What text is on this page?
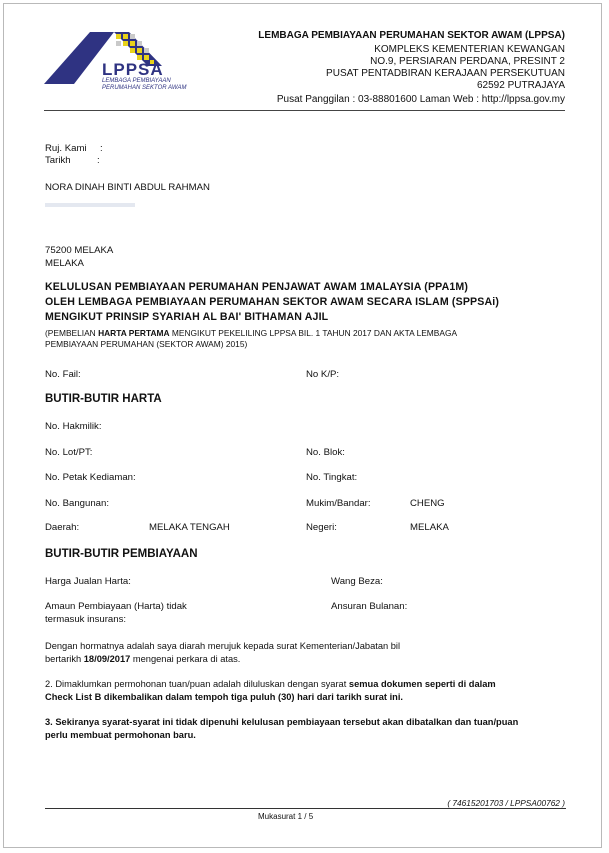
LPPSA
LEMBAGA PEMBIAYAAN
PERUMAHAN SEKTOR AWAM
LEMBAGA PEMBIAYAAN PERUMAHAN SEKTOR AWAM (LPPSA)
KOMPLEKS KEMENTERIAN KEWANGAN
NO.9, PERSIARAN PERDANA, PRESINT 2
PUSAT PENTADBIRAN KERAJAAN PERSEKUTUAN
62592 PUTRAJAYA
Pusat Panggilan : 03-88801600 Laman Web : http://lppsa.gov.my
Ruj. Kami :
Tarikh	:
NORA DINAH BINTI ABDUL RAHMAN
75200 MELAKA
MELAKA
KELULUSAN PEMBIAYAAN PERUMAHAN PENJAWAT AWAM 1MALAYSIA (PPA1M)
OLEH LEMBAGA PEMBIAYAAN PERUMAHAN SEKTOR AWAM SECARA ISLAM (SPPSAi)
MENGIKUT PRINSIP SYARIAH AL BAI' BITHAMAN AJIL
(PEMBELIAN HARTA PERTAMA MENGIKUT PEKELILING LPPSA BIL. 1 TAHUN 2017 DAN AKTA LEMBAGA
PEMBIAYAAN PERUMAHAN (SEKTOR AWAM) 2015)
No. Fail:	No K/P:
BUTIR-BUTIR HARTA
No. Hakmilik:
No. Lot/PT:	No. Blok:
No. Petak Kediaman:	No. Tingkat:
No. Bangunan:	Mukim/Bandar:	CHENG
Daerah:	MELAKA TENGAH	Negeri:	MELAKA
BUTIR-BUTIR PEMBIAYAAN
Harga Jualan Harta:	Wang Beza:
Amaun Pembiayaan (Harta) tidak	Ansuran Bulanan:
termasuk insurans:
Dengan hormatnya adalah saya diarah merujuk kepada surat Kementerian/Jabatan bil
bertarikh 18/09/2017 mengenai perkara di atas.
2. Dimaklumkan permohonan tuan/puan adalah diluluskan dengan syarat semua dokumen seperti di dalam
Check List B dikembalikan dalam tempoh tiga puluh (30) hari dari tarikh surat ini.
3. Sekiranya syarat-syarat ini tidak dipenuhi kelulusan pembiayaan tersebut akan dibatalkan dan tuan/puan
perlu membuat permohonan baru.
( 74615201703 / LPPSA00762 )
Mukasurat 1 / 5
